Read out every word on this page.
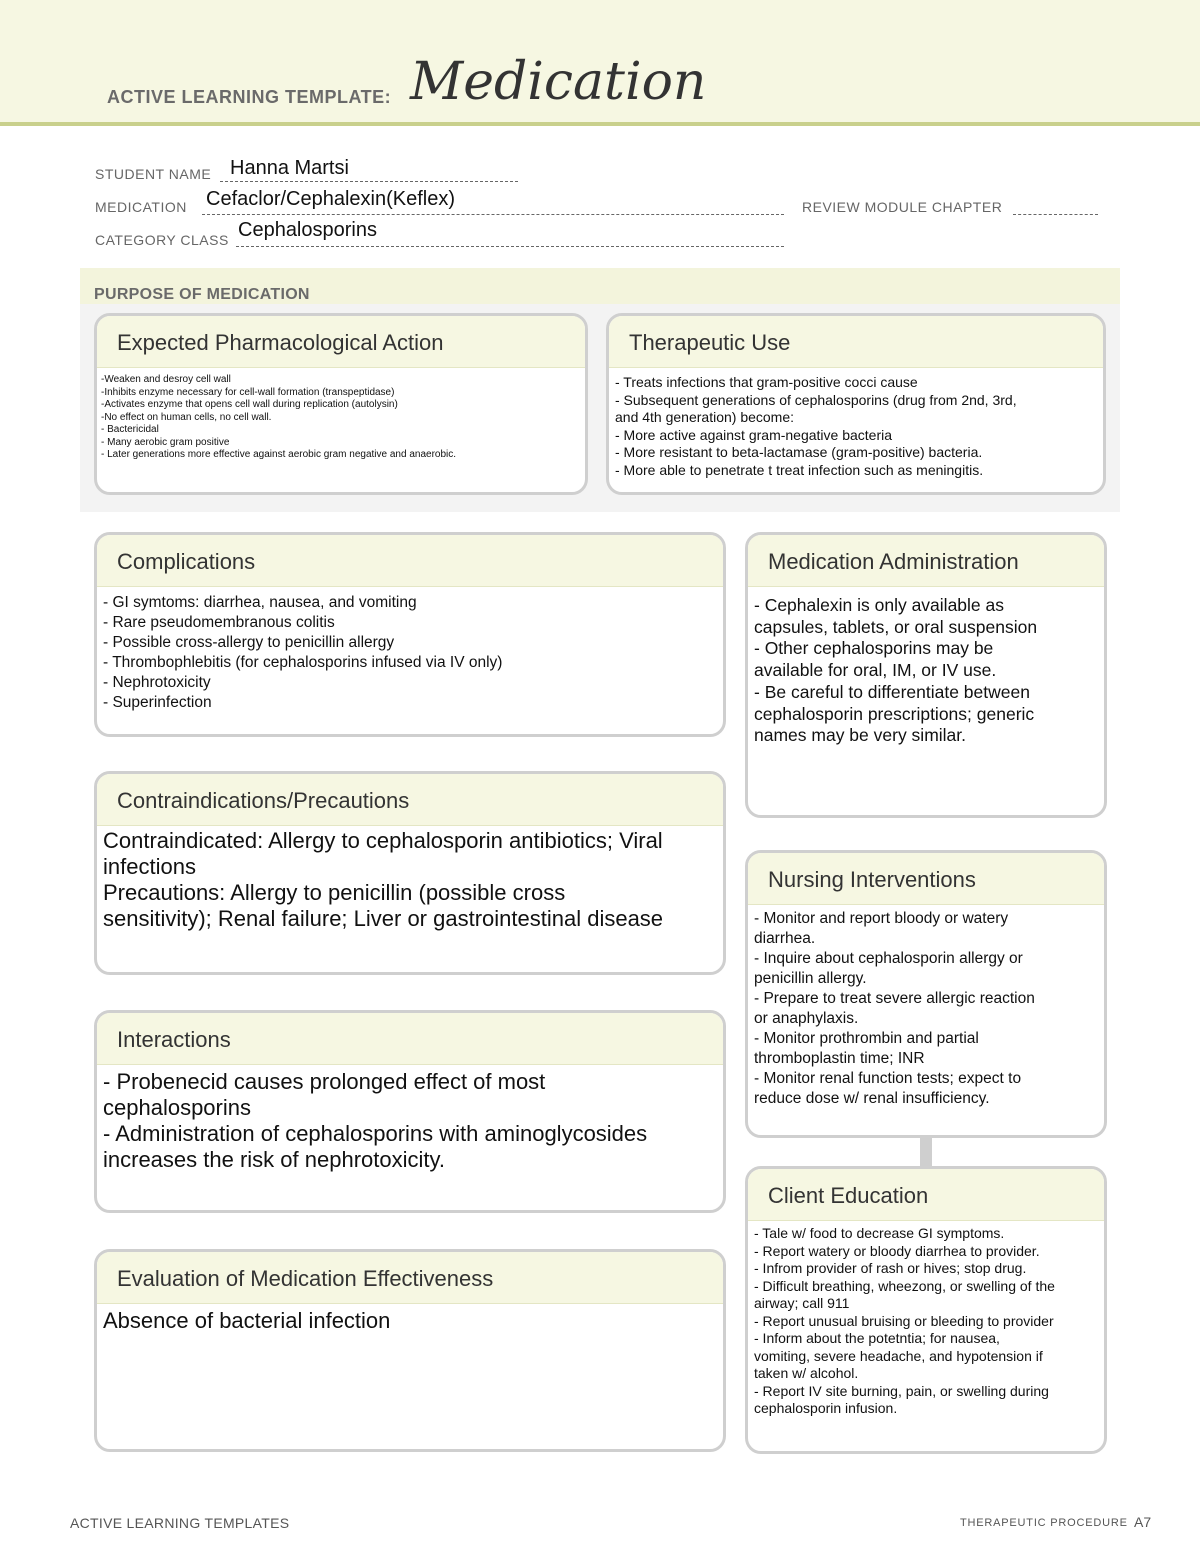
ACTIVE LEARNING TEMPLATE: Medication
STUDENT NAME Hanna Martsi
MEDICATION Cefaclor/Cephalexin(Keflex)	REVIEW MODULE CHAPTER
CATEGORY CLASS Cephalosporins
PURPOSE OF MEDICATION
Expected Pharmacological Action
-Weaken and desroy cell wall
-Inhibits enzyme necessary for cell-wall formation (transpeptidase)
-Activates enzyme that opens cell wall during replication (autolysin)
-No effect on human cells, no cell wall.
- Bactericidal
- Many aerobic gram positive
- Later generations more effective against aerobic gram negative and anaerobic.
Therapeutic Use
- Treats infections that gram-positive cocci cause
- Subsequent generations of cephalosporins (drug from 2nd, 3rd,
and 4th generation) become:
- More active against gram-negative bacteria
- More resistant to beta-lactamase (gram-positive) bacteria.
- More able to penetrate t treat infection such as meningitis.
Complications
- GI symtoms: diarrhea, nausea, and vomiting
- Rare pseudomembranous colitis
- Possible cross-allergy to penicillin allergy
- Thrombophlebitis (for cephalosporins infused via IV only)
- Nephrotoxicity
- Superinfection
Medication Administration
- Cephalexin is only available as
capsules, tablets, or oral suspension
- Other cephalosporins may be
available for oral, IM, or IV use.
- Be careful to differentiate between
cephalosporin prescriptions; generic
names may be very similar.
Contraindications/Precautions
Contraindicated: Allergy to cephalosporin antibiotics; Viral
infections
Precautions: Allergy to penicillin (possible cross
sensitivity); Renal failure; Liver or gastrointestinal disease
Nursing Interventions
- Monitor and report bloody or watery
diarrhea.
- Inquire about cephalosporin allergy or
penicillin allergy.
- Prepare to treat severe allergic reaction
or anaphylaxis.
- Monitor prothrombin and partial
thromboplastin time; INR
- Monitor renal function tests; expect to
reduce dose w/ renal insufficiency.
Interactions
- Probenecid causes prolonged effect of most
cephalosporins
- Administration of cephalosporins with aminoglycosides
increases the risk of nephrotoxicity.
Client Education
- Tale w/ food to decrease GI symptoms.
- Report watery or bloody diarrhea to provider.
- Infrom provider of rash or hives; stop drug.
- Difficult breathing, wheezong, or swelling of the
airway; call 911
- Report unusual bruising or bleeding to provider
- Inform about the potetntia; for nausea,
vomiting, severe headache, and hypotension if
taken w/ alcohol.
- Report IV site burning, pain, or swelling during
cephalosporin infusion.
Evaluation of Medication Effectiveness
Absence of bacterial infection
ACTIVE LEARNING TEMPLATES	THERAPEUTIC PROCEDURE A7
